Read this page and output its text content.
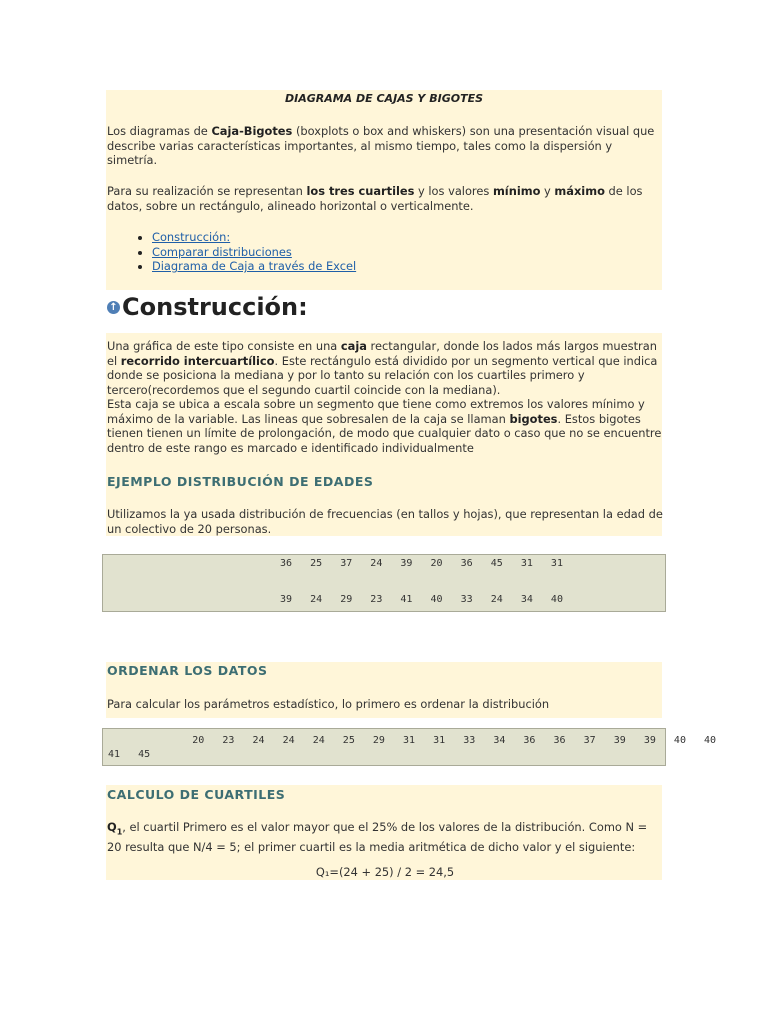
DIAGRAMA DE CAJAS Y BIGOTES

Los diagramas de Caja-Bigotes (boxplots o box and whiskers) son una presentación visual que describe varias características importantes, al mismo tiempo, tales como la dispersión y simetría.

Para su realización se representan los tres cuartiles y los valores mínimo y máximo de los datos, sobre un rectángulo, alineado horizontal o verticalmente.

• Construcción:
• Comparar distribuciones
• Diagrama de Caja a través de Excel
↑ Construcción:

Una gráfica de este tipo consiste en una caja rectangular, donde los lados más largos muestran el recorrido intercuartílico. Este rectángulo está dividido por un segmento vertical que indica donde se posiciona la mediana y por lo tanto su relación con los cuartiles primero y tercero(recordemos que el segundo cuartil coincide con la mediana).
Esta caja se ubica a escala sobre un segmento que tiene como extremos los valores mínimo y máximo de la variable. Las lineas que sobresalen de la caja se llaman bigotes. Estos bigotes tienen tienen un límite de prolongación, de modo que cualquier dato o caso que no se encuentre dentro de este rango es marcado e identificado individualmente

EJEMPLO DISTRIBUCIÓN DE EDADES

Utilizamos la ya usada distribución de frecuencias (en tallos y hojas), que representan la edad de un colectivo de 20 personas.

36   25   37   24   39   20   36   45   31   31
39   24   29   23   41   40   33   24   34   40
ORDENAR LOS DATOS

Para calcular los parámetros estadístico, lo primero es ordenar la distribución

20   23   24   24   24   25   29   31   31   33   34   36   36   37   39   39   40   40 41   45
CALCULO DE CUARTILES

$Q_1$, el cuartil Primero es el valor mayor que el 25% de los valores de la distribución. Como N = 20 resulta que N/4 = 5; el primer cuartil es la media aritmética de dicho valor y el siguiente:

Q₁=(24 + 25) / 2 = 24,5
